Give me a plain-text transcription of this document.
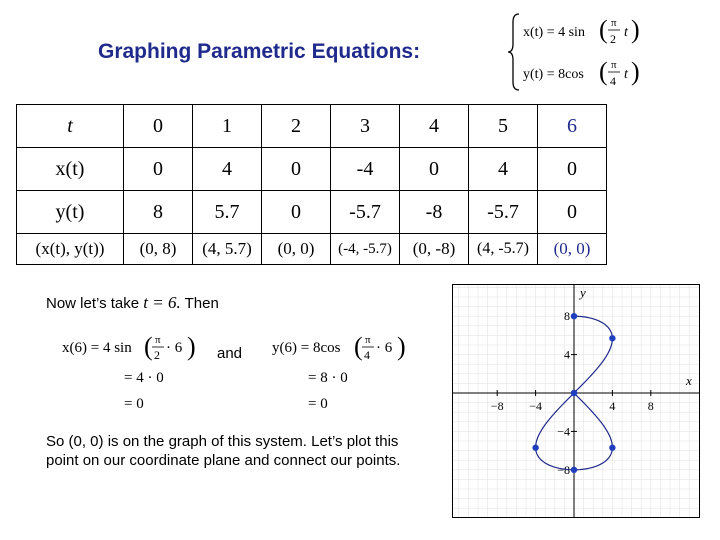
Graphing Parametric Equations:
x(t) = 4 sin ( π
2 t )
y(t) = 8cos ( π
4 t )
t	0	1	2	3	4	5	6
x(t)	0	4	0	-4	0	4	0
y(t)	8	5.7	0	-5.7	-8	-5.7	0
(x(t), y(t))	(0, 8)	(4, 5.7)	(0, 0)	(-4, -5.7)	(0, -8)	(4, -5.7)	(0, 0)
Now let’s take t = 6. Then
x(6) = 4 sin ( π
2 · 6 )
= 4 · 0
= 0
and y(6) = 8cos ( π
4 · 6 )
= 8 · 0
= 0
So (0, 0) is on the graph of this system. Let’s plot this point on our coordinate plane and connect our points.
x
y
−8 −4	4	8
8
4
−4
−8
